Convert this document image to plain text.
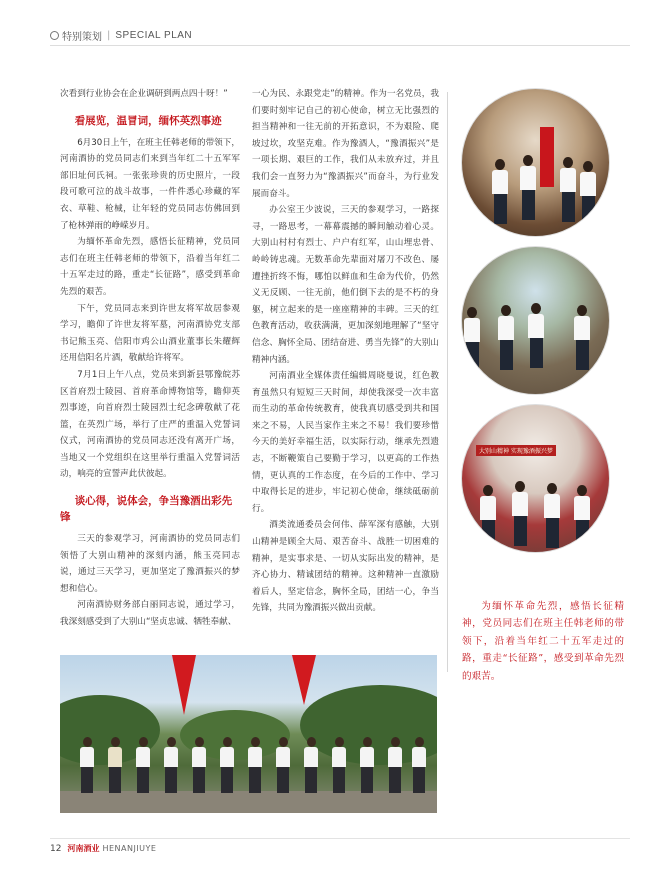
特别策划 | SPECIAL PLAN

次看到行业协会在企业调研到两点四十呀！”

看展览，温冒词，缅怀英烈事迹

6月30日上午，在班主任韩老师的带领下，河南酒协的党员同志们来到当年红二十五军军部旧址何氏祠。一张张珍贵的历史照片，一段段可歌可泣的战斗故事，一件件悉心珍藏的军衣、草鞋、枪械，让年轻的党员同志仿佛回到了枪林弹雨的峥嵘岁月。

为缅怀革命先烈，感悟长征精神，党员同志们在班主任韩老师的带领下，沿着当年红二十五军走过的路，重走“长征路”，感受到革命先烈的艰苦。

下午，党员同志来到许世友将军故居参观学习，瞻仰了许世友将军墓，河南酒协党支部书记熊玉亮、信阳市鸡公山酒业董事长朱耀辉还用信阳名片酒，敬献给许将军。

7月1日上午八点，党员来到新县鄂豫皖苏区首府烈士陵园、首府革命博物馆等，瞻仰英烈事迹，向首府烈士陵园烈士纪念碑敬献了花篮，在英烈广场，举行了庄严的重温入党誓词仪式，河南酒协的党员同志还没有离开广场，当地又一个党组织在这里举行重温入党誓词活动，响亮的宣誓声此伏彼起。

谈心得，说体会，争当豫酒出彩先锋

三天的参观学习，河南酒协的党员同志们领悟了大别山精神的深刻内涵，熊玉亮同志说，通过三天学习，更加坚定了豫酒振兴的梦想和信心。

河南酒协财务部白丽同志说，通过学习，我深刻感受到了大别山“坚贞忠诚、牺牲奉献、

一心为民、永跟党走”的精神。作为一名党员，我们要时刻牢记自己的初心使命，树立无比强烈的担当精神和一往无前的开拓意识，不为艰险、爬坡过坎，攻坚克难。作为豫酒人，“豫酒振兴”是一项长期、艰巨的工作，我们从未放弃过，并且我们会一直努力为“豫酒振兴”而奋斗，为行业发展而奋斗。

办公室王少波说，三天的参观学习，一路探寻，一路思考，一幕幕震撼的瞬间触动着心灵。大别山村村有烈士、户户有红军，山山埋忠骨、岭岭铸忠魂。无数革命先辈面对屠刀不改色、屡遭挫折终不悔，哪怕以鲜血和生命为代价，仍然义无反顾、一往无前，他们倒下去的是不朽的身躯，树立起来的是一座座精神的丰碑。三天的红色教育活动，收获满满，更加深刻地理解了“坚守信念、胸怀全局、团结奋进、勇当先锋”的大别山精神内涵。

河南酒业全媒体责任编辑周晓曼说，红色教育虽然只有短短三天时间，却使我深受一次丰富而生动的革命传统教育，使我真切感受到共和国来之不易，人民当家作主来之不易！我们要珍惜今天的美好幸福生活，以实际行动，继承先烈遗志，不断鞭策自己要勤于学习，以更高的工作热情，更认真的工作态度，在今后的工作中、学习中取得长足的进步，牢记初心使命，继续砥砺前行。

酒类流通委员会何伟、薛军深有感触，大别山精神是顾全大局、艰苦奋斗、战胜一切困难的精神，是实事求是、一切从实际出发的精神，是齐心协力、精诚团结的精神。这种精神一直激励着后人，坚定信念，胸怀全局，团结一心，争当先锋，共同为豫酒振兴做出贡献。

大别山精神 实现豫酒振兴梦

为缅怀革命先烈，感悟长征精神，党员同志们在班主任韩老师的带领下，沿着当年红二十五军走过的路，重走“长征路”，感受到革命先烈的艰苦。

12 河南酒业 HENANJIUYE
